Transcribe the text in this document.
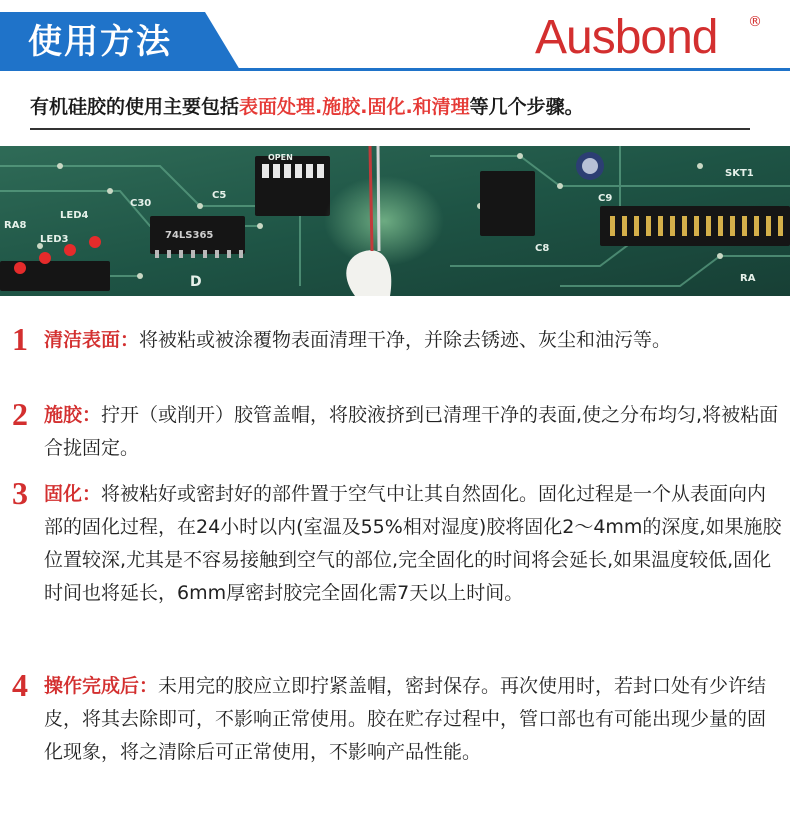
使用方法	Ausbond ®
有机硅胶的使用主要包括表面处理.施胶.固化.和清理等几个步骤。
RA8
LED4
LED3
C30
74LS365
C5
D
C8
C9
SKT1
RA
OPEN
1 清洁表面：将被粘或被涂覆物表面清理干净，并除去锈迹、灰尘和油污等。
2 施胶：拧开（或削开）胶管盖帽，将胶液挤到已清理干净的表面,使之分布均匀,将被粘面合拢固定。
3 固化：将被粘好或密封好的部件置于空气中让其自然固化。固化过程是一个从表面向内部的固化过程，在24小时以内(室温及55%相对湿度)胶将固化2～4mm的深度,如果施胶位置较深,尤其是不容易接触到空气的部位,完全固化的时间将会延长,如果温度较低,固化时间也将延长，6mm厚密封胶完全固化需7天以上时间。
4 操作完成后：未用完的胶应立即拧紧盖帽，密封保存。再次使用时，若封口处有少许结皮，将其去除即可，不影响正常使用。胶在贮存过程中，管口部也有可能出现少量的固化现象，将之清除后可正常使用，不影响产品性能。
